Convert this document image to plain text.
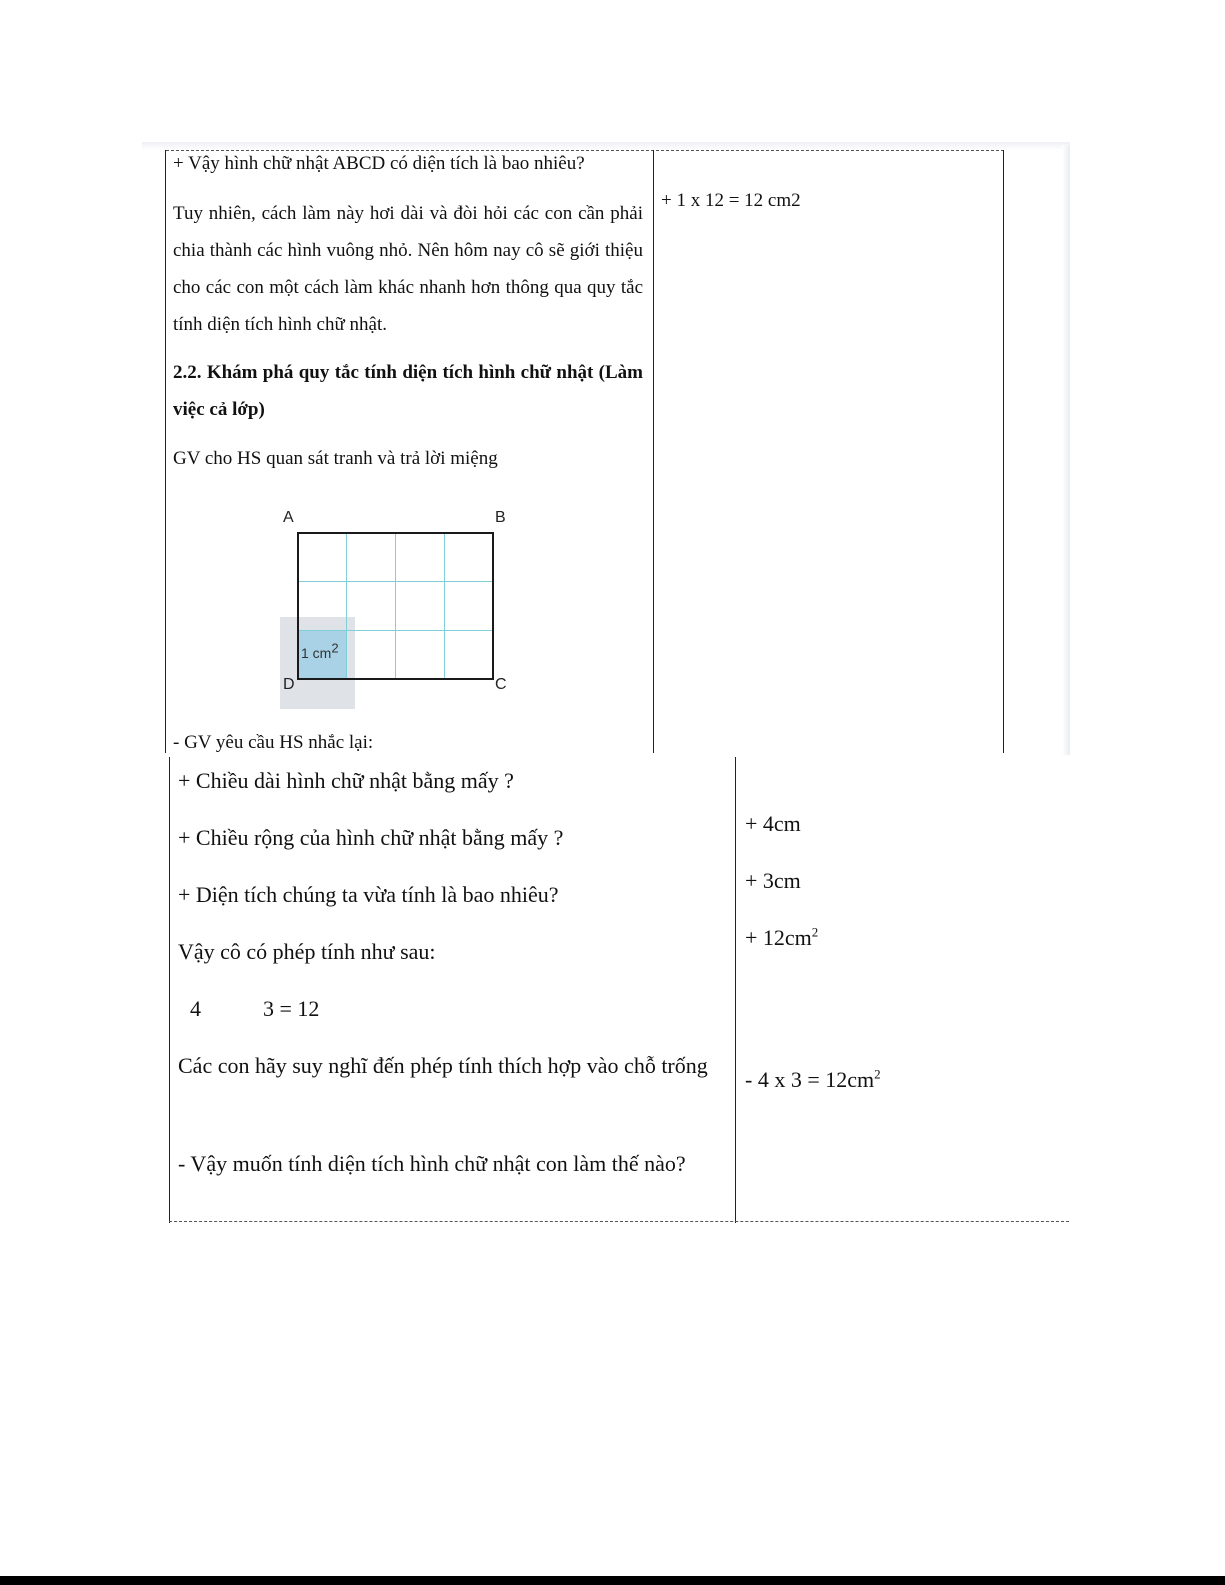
+ Vậy hình chữ nhật ABCD có diện tích là bao nhiêu?
Tuy nhiên, cách làm này hơi dài và đòi hỏi các con cần phải chia thành các hình vuông nhỏ. Nên hôm nay cô sẽ giới thiệu cho các con một cách làm khác nhanh hơn thông qua quy tắc tính diện tích hình chữ nhật.
2.2. Khám phá quy tắc tính diện tích hình chữ nhật (Làm việc cả lớp)
GV cho HS quan sát tranh và trả lời miệng
A	B
C
D
1 $cm^2$
- GV yêu cầu HS nhắc lại:
+ 1 x 12 = 12 cm2
+ Chiều dài hình chữ nhật bằng mấy ?
+ Chiều rộng của hình chữ nhật bằng mấy ?
+ Diện tích chúng ta vừa tính là bao nhiêu?
Vậy cô có phép tính như sau:
4	3 = 12
Các con hãy suy nghĩ đến phép tính thích hợp vào chỗ trống
- Vậy muốn tính diện tích hình chữ nhật con làm thế nào?
+ 4cm
+ 3cm
+ $12cm^2$
- 4 x $3 = 12cm^2$
